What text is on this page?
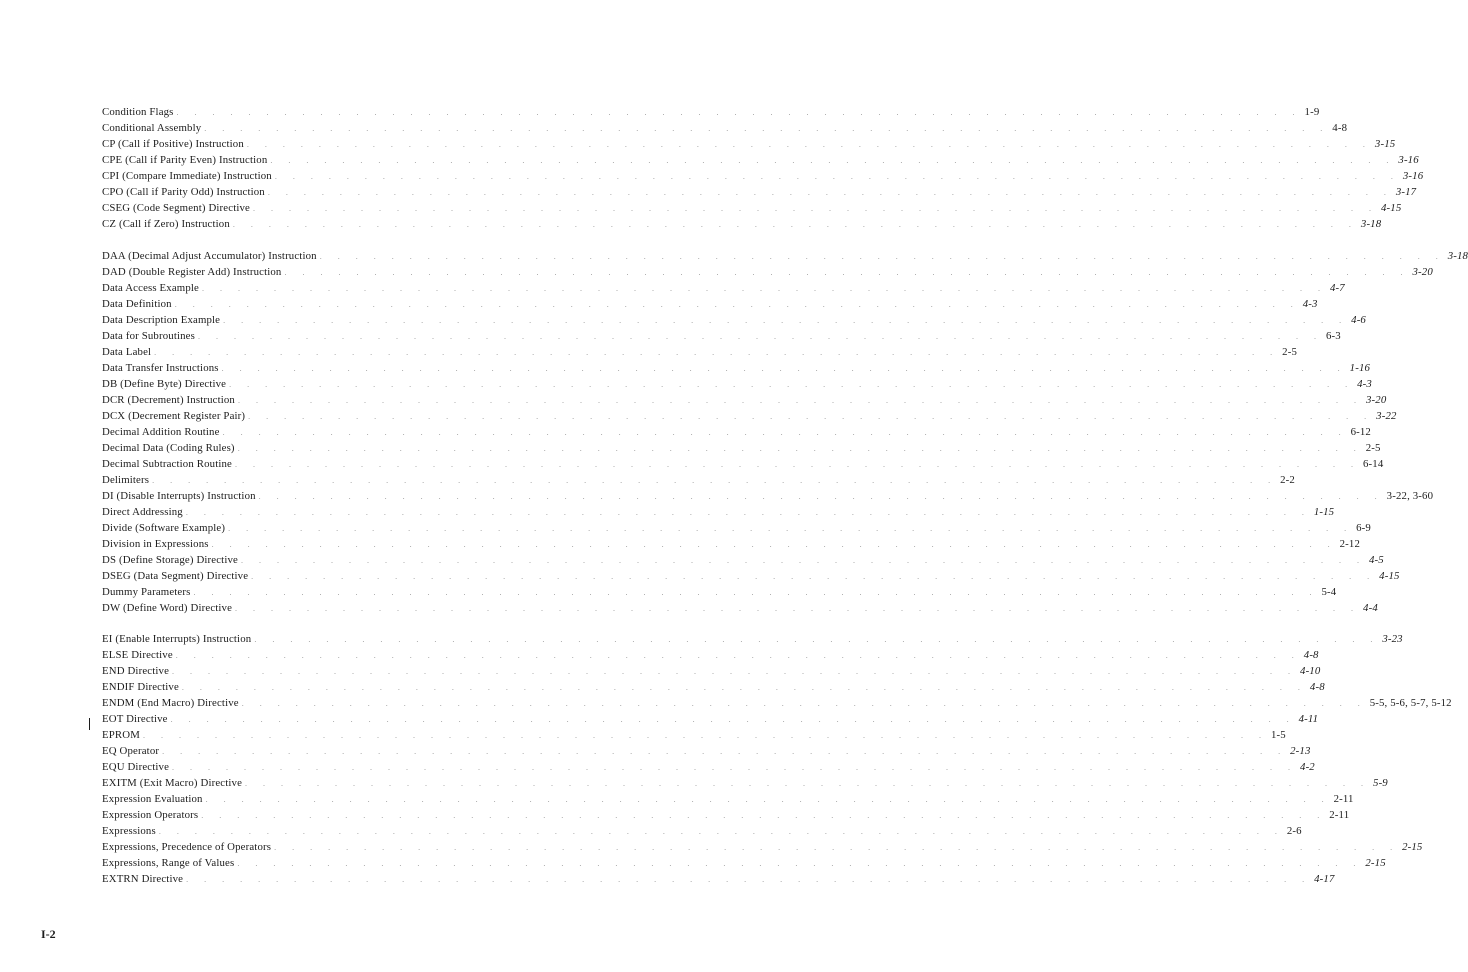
Condition Flags . . . . . . . . . . . . . . . . . . . . . . . . . . . . . . . . . . . . . . . . . . . . . . . . . . . . . . . . . . . . . . . 1-9
Conditional Assembly . . . . . . . . . . . . . . . . . . . . . . . . . . . . . . . . . . . . . . . . . . . . . . . . . . . . . . . . . . . . . . . 4-8
CP (Call if Positive) Instruction . . . . . . . . . . . . . . . . . . . . . . . . . . . . . . . . . . . . . . . . . . . . . . . . . . . . . . . . . . . . . . . 3-15
CPE (Call if Parity Even) Instruction . . . . . . . . . . . . . . . . . . . . . . . . . . . . . . . . . . . . . . . . . . . . . . . . . . . . . . . . . . . . . . . 3-16
CPI (Compare Immediate) Instruction . . . . . . . . . . . . . . . . . . . . . . . . . . . . . . . . . . . . . . . . . . . . . . . . . . . . . . . . . . . . . . . 3-16
CPO (Call if Parity Odd) Instruction . . . . . . . . . . . . . . . . . . . . . . . . . . . . . . . . . . . . . . . . . . . . . . . . . . . . . . . . . . . . . . . 3-17
CSEG (Code Segment) Directive . . . . . . . . . . . . . . . . . . . . . . . . . . . . . . . . . . . . . . . . . . . . . . . . . . . . . . . . . . . . . . . 4-15
CZ (Call if Zero) Instruction . . . . . . . . . . . . . . . . . . . . . . . . . . . . . . . . . . . . . . . . . . . . . . . . . . . . . . . . . . . . . . . 3-18
DAA (Decimal Adjust Accumulator) Instruction . . . . . . . . . . . . . . . . . . . . . . . . . . . . . . . . . . . . . . . . . . . . . . . . . . . . . . . . . . . . . . . 3-18
DAD (Double Register Add) Instruction . . . . . . . . . . . . . . . . . . . . . . . . . . . . . . . . . . . . . . . . . . . . . . . . . . . . . . . . . . . . . . . 3-20
Data Access Example . . . . . . . . . . . . . . . . . . . . . . . . . . . . . . . . . . . . . . . . . . . . . . . . . . . . . . . . . . . . . . . 4-7
Data Definition . . . . . . . . . . . . . . . . . . . . . . . . . . . . . . . . . . . . . . . . . . . . . . . . . . . . . . . . . . . . . . . 4-3
Data Description Example . . . . . . . . . . . . . . . . . . . . . . . . . . . . . . . . . . . . . . . . . . . . . . . . . . . . . . . . . . . . . . . 4-6
Data for Subroutines . . . . . . . . . . . . . . . . . . . . . . . . . . . . . . . . . . . . . . . . . . . . . . . . . . . . . . . . . . . . . . . 6-3
Data Label . . . . . . . . . . . . . . . . . . . . . . . . . . . . . . . . . . . . . . . . . . . . . . . . . . . . . . . . . . . . . . . 2-5
Data Transfer Instructions . . . . . . . . . . . . . . . . . . . . . . . . . . . . . . . . . . . . . . . . . . . . . . . . . . . . . . . . . . . . . . . 1-16
DB (Define Byte) Directive . . . . . . . . . . . . . . . . . . . . . . . . . . . . . . . . . . . . . . . . . . . . . . . . . . . . . . . . . . . . . . . 4-3
DCR (Decrement) Instruction . . . . . . . . . . . . . . . . . . . . . . . . . . . . . . . . . . . . . . . . . . . . . . . . . . . . . . . . . . . . . . . 3-20
DCX (Decrement Register Pair) . . . . . . . . . . . . . . . . . . . . . . . . . . . . . . . . . . . . . . . . . . . . . . . . . . . . . . . . . . . . . . . 3-22
Decimal Addition Routine . . . . . . . . . . . . . . . . . . . . . . . . . . . . . . . . . . . . . . . . . . . . . . . . . . . . . . . . . . . . . . . 6-12
Decimal Data (Coding Rules) . . . . . . . . . . . . . . . . . . . . . . . . . . . . . . . . . . . . . . . . . . . . . . . . . . . . . . . . . . . . . . . 2-5
Decimal Subtraction Routine . . . . . . . . . . . . . . . . . . . . . . . . . . . . . . . . . . . . . . . . . . . . . . . . . . . . . . . . . . . . . . . 6-14
Delimiters . . . . . . . . . . . . . . . . . . . . . . . . . . . . . . . . . . . . . . . . . . . . . . . . . . . . . . . . . . . . . . . 2-2
DI (Disable Interrupts) Instruction . . . . . . . . . . . . . . . . . . . . . . . . . . . . . . . . . . . . . . . . . . . . . . . . . . . . . . . . . . . . . . . 3-22, 3-60
Direct Addressing . . . . . . . . . . . . . . . . . . . . . . . . . . . . . . . . . . . . . . . . . . . . . . . . . . . . . . . . . . . . . . . 1-15
Divide (Software Example) . . . . . . . . . . . . . . . . . . . . . . . . . . . . . . . . . . . . . . . . . . . . . . . . . . . . . . . . . . . . . . . 6-9
Division in Expressions . . . . . . . . . . . . . . . . . . . . . . . . . . . . . . . . . . . . . . . . . . . . . . . . . . . . . . . . . . . . . . . 2-12
DS (Define Storage) Directive . . . . . . . . . . . . . . . . . . . . . . . . . . . . . . . . . . . . . . . . . . . . . . . . . . . . . . . . . . . . . . . 4-5
DSEG (Data Segment) Directive . . . . . . . . . . . . . . . . . . . . . . . . . . . . . . . . . . . . . . . . . . . . . . . . . . . . . . . . . . . . . . . 4-15
Dummy Parameters . . . . . . . . . . . . . . . . . . . . . . . . . . . . . . . . . . . . . . . . . . . . . . . . . . . . . . . . . . . . . . . 5-4
DW (Define Word) Directive . . . . . . . . . . . . . . . . . . . . . . . . . . . . . . . . . . . . . . . . . . . . . . . . . . . . . . . . . . . . . . . 4-4
EI (Enable Interrupts) Instruction . . . . . . . . . . . . . . . . . . . . . . . . . . . . . . . . . . . . . . . . . . . . . . . . . . . . . . . . . . . . . . . 3-23
ELSE Directive . . . . . . . . . . . . . . . . . . . . . . . . . . . . . . . . . . . . . . . . . . . . . . . . . . . . . . . . . . . . . . . 4-8
END Directive . . . . . . . . . . . . . . . . . . . . . . . . . . . . . . . . . . . . . . . . . . . . . . . . . . . . . . . . . . . . . . . 4-10
ENDIF Directive . . . . . . . . . . . . . . . . . . . . . . . . . . . . . . . . . . . . . . . . . . . . . . . . . . . . . . . . . . . . . . . 4-8
ENDM (End Macro) Directive . . . . . . . . . . . . . . . . . . . . . . . . . . . . . . . . . . . . . . . . . . . . . . . . . . . . . . . . . . . . . . . 5-5, 5-6, 5-7, 5-12
EOT Directive . . . . . . . . . . . . . . . . . . . . . . . . . . . . . . . . . . . . . . . . . . . . . . . . . . . . . . . . . . . . . . . 4-11
EPROM . . . . . . . . . . . . . . . . . . . . . . . . . . . . . . . . . . . . . . . . . . . . . . . . . . . . . . . . . . . . . . . 1-5
EQ Operator . . . . . . . . . . . . . . . . . . . . . . . . . . . . . . . . . . . . . . . . . . . . . . . . . . . . . . . . . . . . . . . 2-13
EQU Directive . . . . . . . . . . . . . . . . . . . . . . . . . . . . . . . . . . . . . . . . . . . . . . . . . . . . . . . . . . . . . . . 4-2
EXITM (Exit Macro) Directive . . . . . . . . . . . . . . . . . . . . . . . . . . . . . . . . . . . . . . . . . . . . . . . . . . . . . . . . . . . . . . . 5-9
Expression Evaluation . . . . . . . . . . . . . . . . . . . . . . . . . . . . . . . . . . . . . . . . . . . . . . . . . . . . . . . . . . . . . . . 2-11
Expression Operators . . . . . . . . . . . . . . . . . . . . . . . . . . . . . . . . . . . . . . . . . . . . . . . . . . . . . . . . . . . . . . . 2-11
Expressions . . . . . . . . . . . . . . . . . . . . . . . . . . . . . . . . . . . . . . . . . . . . . . . . . . . . . . . . . . . . . . . 2-6
Expressions, Precedence of Operators . . . . . . . . . . . . . . . . . . . . . . . . . . . . . . . . . . . . . . . . . . . . . . . . . . . . . . . . . . . . . . . 2-15
Expressions, Range of Values . . . . . . . . . . . . . . . . . . . . . . . . . . . . . . . . . . . . . . . . . . . . . . . . . . . . . . . . . . . . . . . 2-15
EXTRN Directive . . . . . . . . . . . . . . . . . . . . . . . . . . . . . . . . . . . . . . . . . . . . . . . . . . . . . . . . . . . . . . . 4-17
I-2
